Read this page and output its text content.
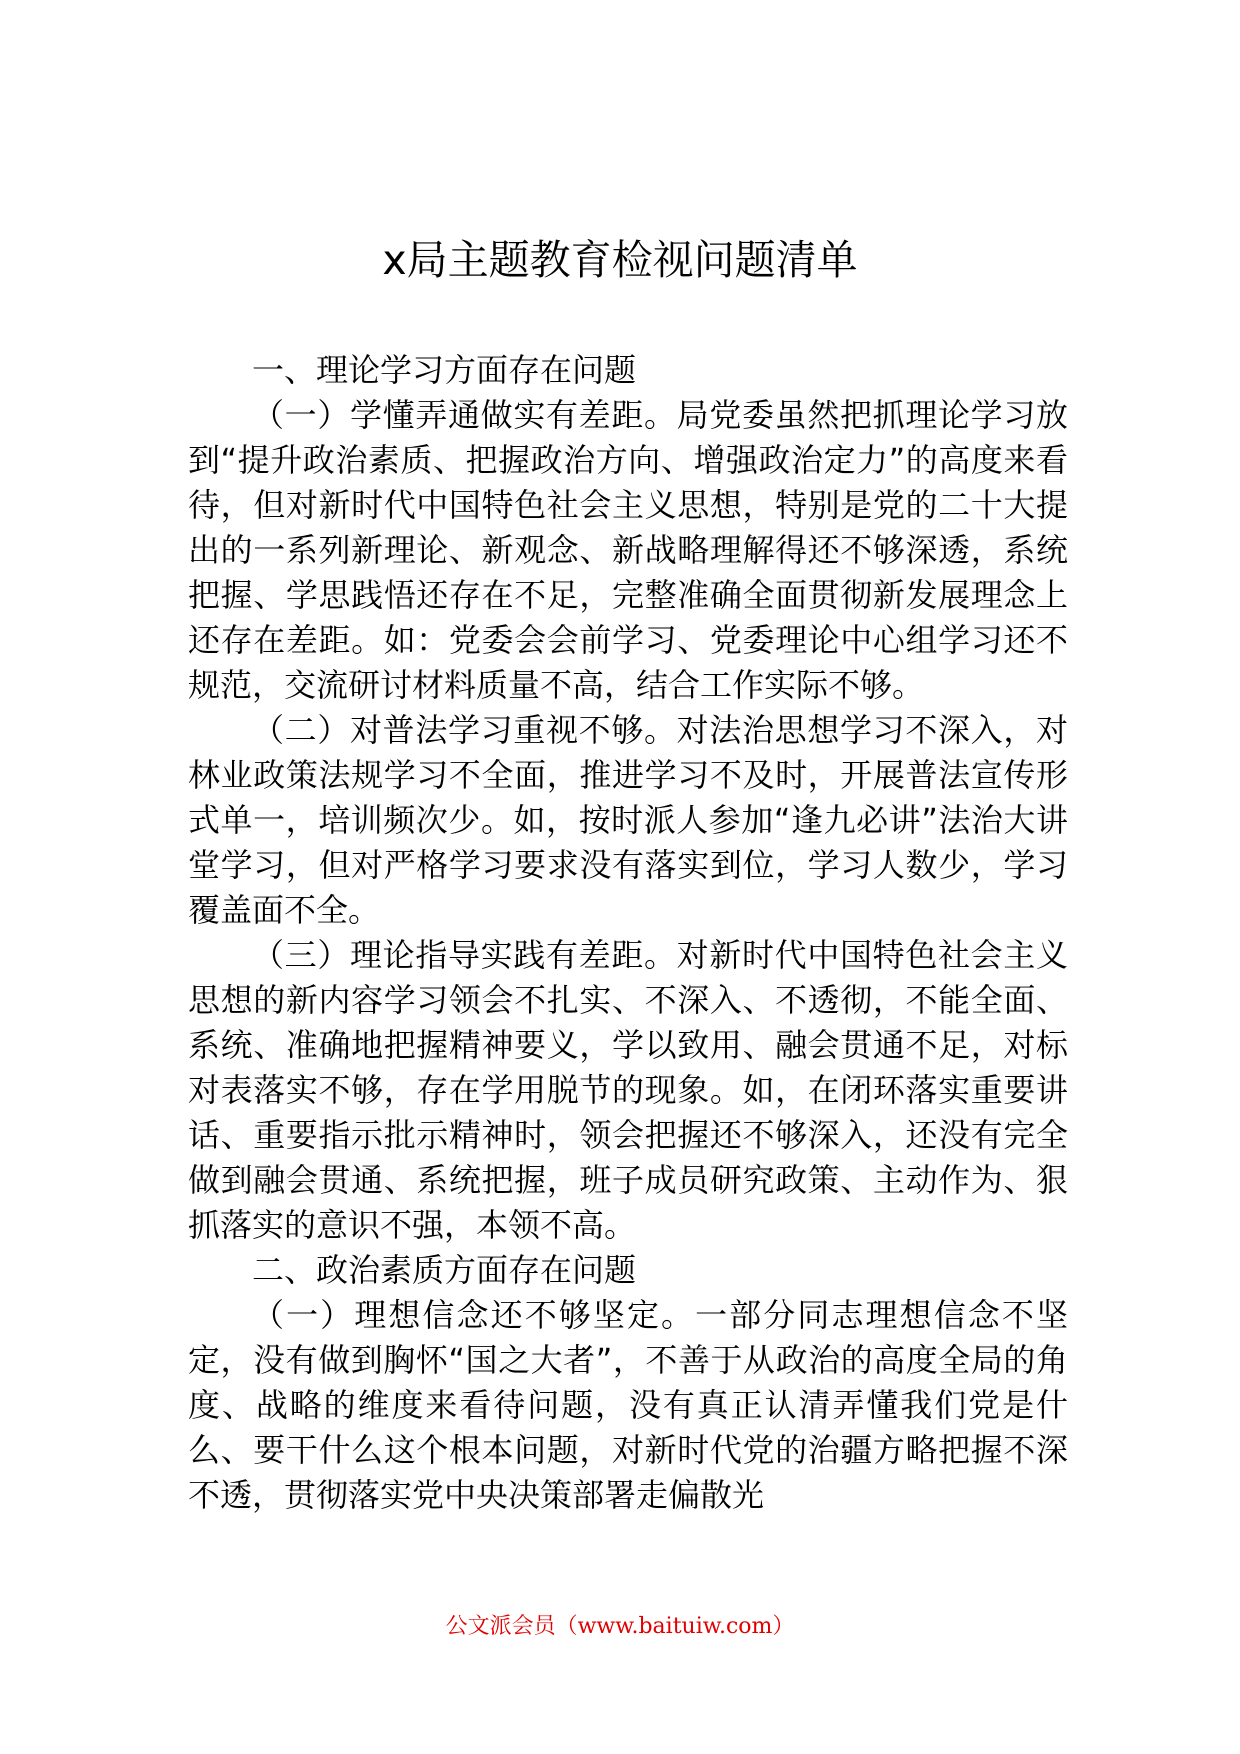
x局主题教育检视问题清单

一、理论学习方面存在问题

（一）学懂弄通做实有差距。局党委虽然把抓理论学习放到“提升政治素质、把握政治方向、增强政治定力”的高度来看待，但对新时代中国特色社会主义思想，特别是党的二十大提出的一系列新理论、新观念、新战略理解得还不够深透，系统把握、学思践悟还存在不足，完整准确全面贯彻新发展理念上还存在差距。如：党委会会前学习、党委理论中心组学习还不规范，交流研讨材料质量不高，结合工作实际不够。

（二）对普法学习重视不够。对法治思想学习不深入，对林业政策法规学习不全面，推进学习不及时，开展普法宣传形式单一，培训频次少。如，按时派人参加“逢九必讲”法治大讲堂学习，但对严格学习要求没有落实到位，学习人数少，学习覆盖面不全。

（三）理论指导实践有差距。对新时代中国特色社会主义思想的新内容学习领会不扎实、不深入、不透彻，不能全面、系统、准确地把握精神要义，学以致用、融会贯通不足，对标对表落实不够，存在学用脱节的现象。如，在闭环落实重要讲话、重要指示批示精神时，领会把握还不够深入，还没有完全做到融会贯通、系统把握，班子成员研究政策、主动作为、狠抓落实的意识不强，本领不高。

二、政治素质方面存在问题

（一）理想信念还不够坚定。一部分同志理想信念不坚定，没有做到胸怀“国之大者”，不善于从政治的高度全局的角度、战略的维度来看待问题，没有真正认清弄懂我们党是什么、要干什么这个根本问题，对新时代党的治疆方略把握不深不透，贯彻落实党中央决策部署走偏散光

公文派会员（www.baituiw.com）
